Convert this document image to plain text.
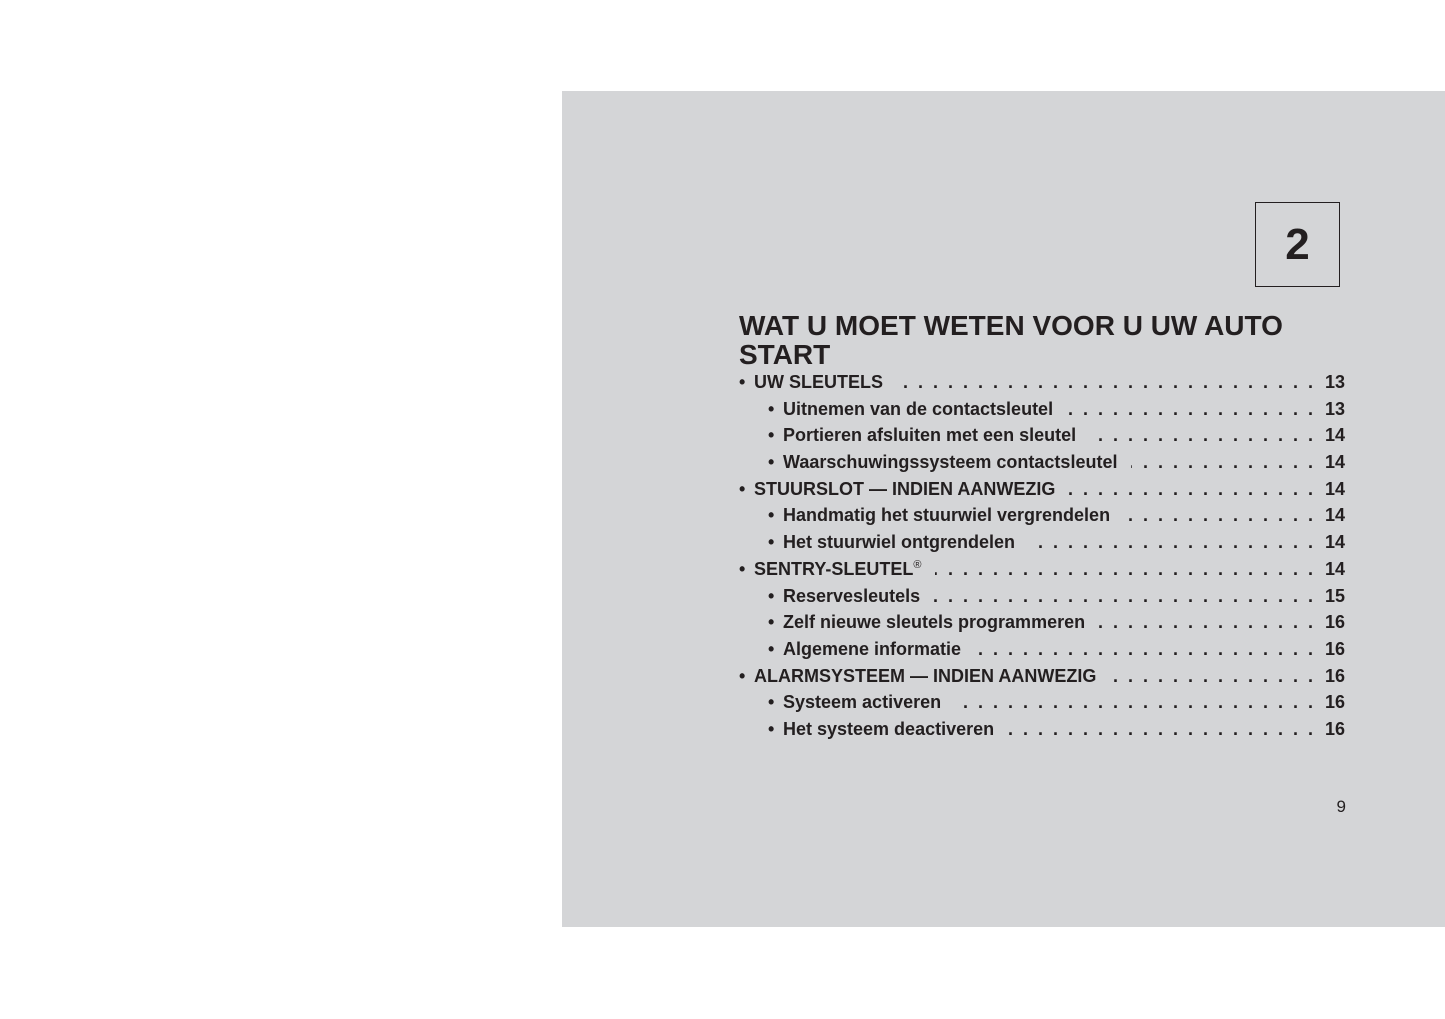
2
WAT U MOET WETEN VOOR U UW AUTO START
• UW SLEUTELS . . .	13
• Uitnemen van de contactsleutel . . .	13
• Portieren afsluiten met een sleutel . . .	14
• Waarschuwingssysteem contactsleutel . . .	14
• STUURSLOT — INDIEN AANWEZIG . . .	14
• Handmatig het stuurwiel vergrendelen . . .	14
• Het stuurwiel ontgrendelen . . .	14
• SENTRY-SLEUTEL® . . .	14
• Reservesleutels . . .	15
• Zelf nieuwe sleutels programmeren . . .	16
• Algemene informatie . . .	16
• ALARMSYSTEEM — INDIEN AANWEZIG . . .	16
• Systeem activeren . . .	16
• Het systeem deactiveren . . .	16
9
